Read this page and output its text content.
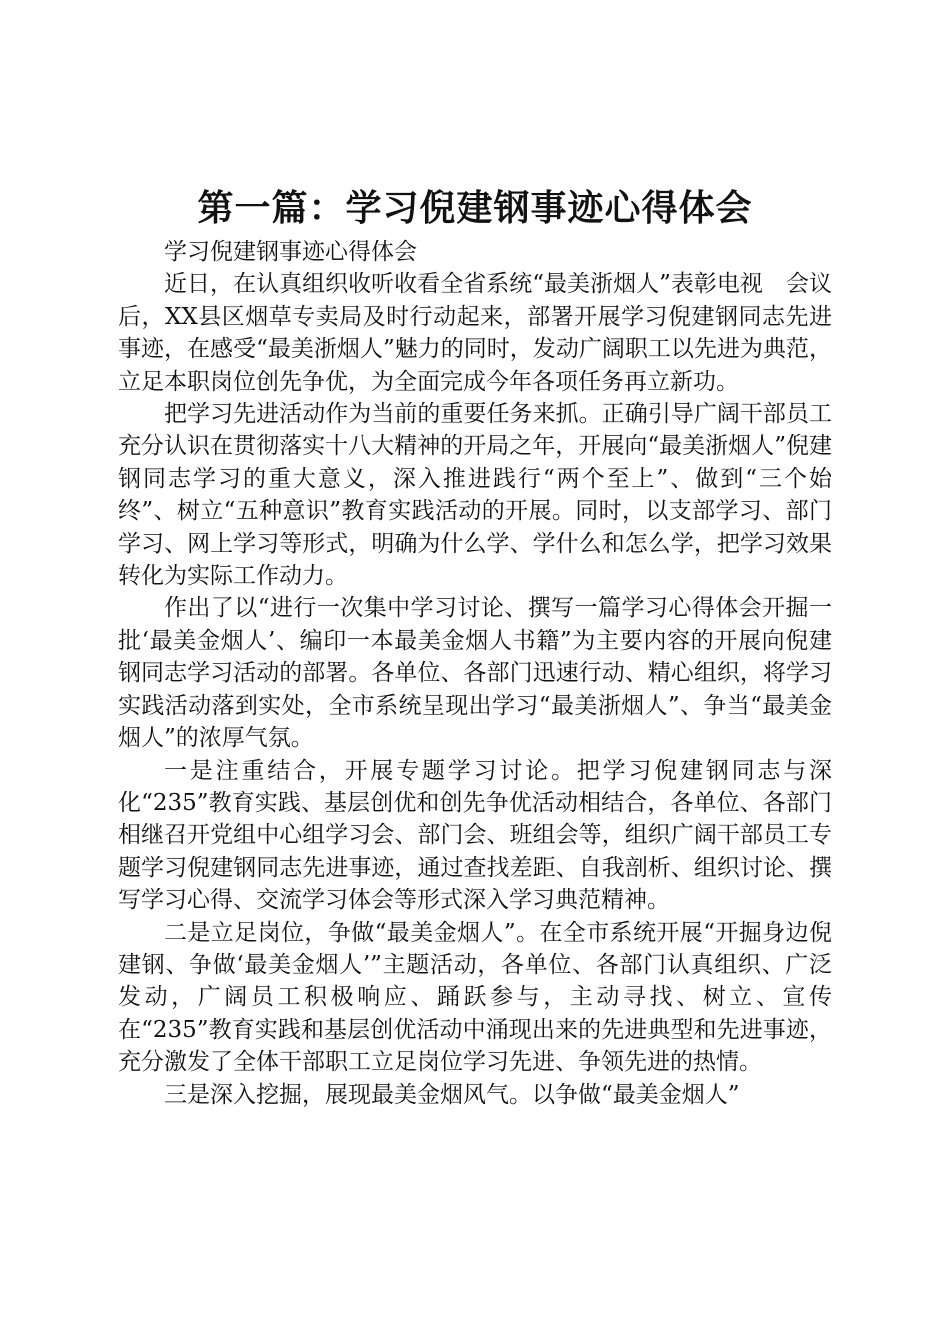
第一篇：学习倪建钢事迹心得体会

学习倪建钢事迹心得体会

近日，在认真组织收听收看全省系统“最美浙烟人”表彰电视　会议后，XX县区烟草专卖局及时行动起来，部署开展学习倪建钢同志先进事迹，在感受“最美浙烟人”魅力的同时，发动广阔职工以先进为典范，立足本职岗位创先争优，为全面完成今年各项任务再立新功。

把学习先进活动作为当前的重要任务来抓。正确引导广阔干部员工充分认识在贯彻落实十八大精神的开局之年，开展向“最美浙烟人”倪建钢同志学习的重大意义，深入推进践行“两个至上”、做到“三个始终”、树立“五种意识”教育实践活动的开展。同时，以支部学习、部门学习、网上学习等形式，明确为什么学、学什么和怎么学，把学习效果转化为实际工作动力。

作出了以“进行一次集中学习讨论、撰写一篇学习心得体会开掘一批‘最美金烟人’、编印一本最美金烟人书籍”为主要内容的开展向倪建钢同志学习活动的部署。各单位、各部门迅速行动、精心组织，将学习实践活动落到实处，全市系统呈现出学习“最美浙烟人”、争当“最美金烟人”的浓厚气氛。

一是注重结合，开展专题学习讨论。把学习倪建钢同志与深化“235”教育实践、基层创优和创先争优活动相结合，各单位、各部门相继召开党组中心组学习会、部门会、班组会等，组织广阔干部员工专题学习倪建钢同志先进事迹，通过查找差距、自我剖析、组织讨论、撰写学习心得、交流学习体会等形式深入学习典范精神。

二是立足岗位，争做“最美金烟人”。在全市系统开展“开掘身边倪建钢、争做‘最美金烟人’”主题活动，各单位、各部门认真组织、广泛发动，广阔员工积极响应、踊跃参与，主动寻找、树立、宣传在“235”教育实践和基层创优活动中涌现出来的先进典型和先进事迹，充分激发了全体干部职工立足岗位学习先进、争领先进的热情。

三是深入挖掘，展现最美金烟风气。以争做“最美金烟人”
